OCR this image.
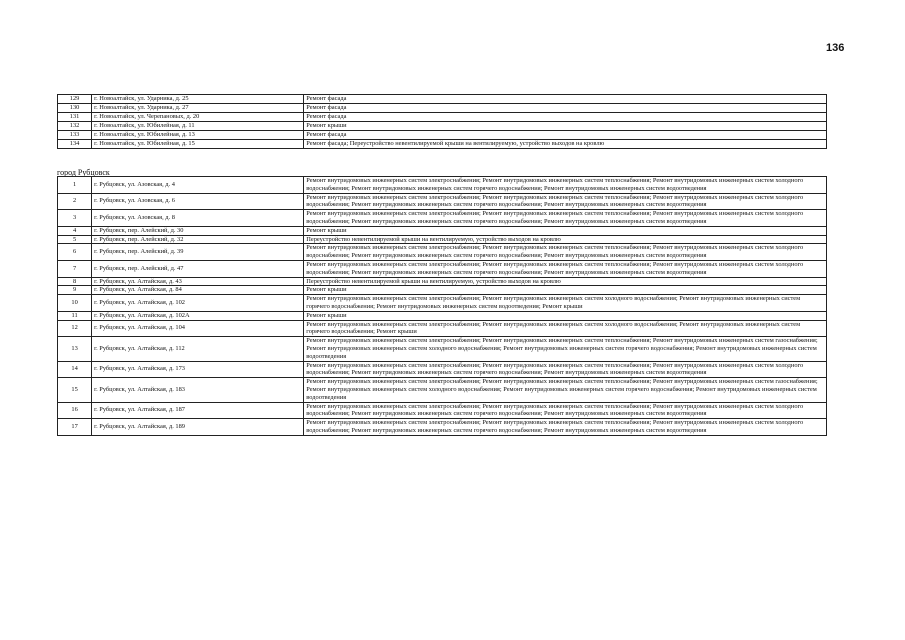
136
129	г. Новоалтайск, ул. Ударника, д. 25	Ремонт фасада
130	г. Новоалтайск, ул. Ударника, д. 27	Ремонт фасада
131	г. Новоалтайск, ул. Черепановых, д. 20	Ремонт фасада
132	г. Новоалтайск, ул. Юбилейная, д. 11	Ремонт крыши
133	г. Новоалтайск, ул. Юбилейная, д. 13	Ремонт фасада
134	г. Новоалтайск, ул. Юбилейная, д. 15	Ремонт фасада; Переустройство невентилируемой крыши на вентилируемую, устройство выходов на кровлю
город Рубцовск
1	г. Рубцовск, ул. Азовская, д. 4	Ремонт внутридомовых инженерных систем электроснабжения; Ремонт внутридомовых инженерных систем теплоснабжения; Ремонт внутридомовых инженерных систем холодного водоснабжения; Ремонт внутридомовых инженерных систем горячего водоснабжения; Ремонт внутридомовых инженерных систем водоотведения
2	г. Рубцовск, ул. Азовская, д. 6	Ремонт внутридомовых инженерных систем электроснабжения; Ремонт внутридомовых инженерных систем теплоснабжения; Ремонт внутридомовых инженерных систем холодного водоснабжения; Ремонт внутридомовых инженерных систем горячего водоснабжения; Ремонт внутридомовых инженерных систем водоотведения
3	г. Рубцовск, ул. Азовская, д. 8	Ремонт внутридомовых инженерных систем электроснабжения; Ремонт внутридомовых инженерных систем теплоснабжения; Ремонт внутридомовых инженерных систем холодного водоснабжения; Ремонт внутридомовых инженерных систем горячего водоснабжения; Ремонт внутридомовых инженерных систем водоотведения
4	г. Рубцовск, пер. Алейский, д. 30	Ремонт крыши
5	г. Рубцовск, пер. Алейский, д. 32	Переустройство невентилируемой крыши на вентилируемую, устройство выходов на кровлю
6	г. Рубцовск, пер. Алейский, д. 39	Ремонт внутридомовых инженерных систем электроснабжения; Ремонт внутридомовых инженерных систем теплоснабжения; Ремонт внутридомовых инженерных систем холодного водоснабжения; Ремонт внутридомовых инженерных систем горячего водоснабжения; Ремонт внутридомовых инженерных систем водоотведения
7	г. Рубцовск, пер. Алейский, д. 47	Ремонт внутридомовых инженерных систем электроснабжения; Ремонт внутридомовых инженерных систем теплоснабжения; Ремонт внутридомовых инженерных систем холодного водоснабжения; Ремонт внутридомовых инженерных систем горячего водоснабжения; Ремонт внутридомовых инженерных систем водоотведения
8	г. Рубцовск, ул. Алтайская, д. 43	Переустройство невентилируемой крыши на вентилируемую, устройство выходов на кровлю
9	г. Рубцовск, ул. Алтайская, д. 84	Ремонт крыши
10	г. Рубцовск, ул. Алтайская, д. 102	Ремонт внутридомовых инженерных систем электроснабжения; Ремонт внутридомовых инженерных систем холодного водоснабжения; Ремонт внутридомовых инженерных систем горячего водоснабжения; Ремонт внутридомовых инженерных систем водоотведения; Ремонт крыши
11	г. Рубцовск, ул. Алтайская, д. 102А	Ремонт крыши
12	г. Рубцовск, ул. Алтайская, д. 104	Ремонт внутридомовых инженерных систем электроснабжения; Ремонт внутридомовых инженерных систем холодного водоснабжения; Ремонт внутридомовых инженерных систем горячего водоснабжения; Ремонт крыши
13	г. Рубцовск, ул. Алтайская, д. 112	Ремонт внутридомовых инженерных систем электроснабжения; Ремонт внутридомовых инженерных систем теплоснабжения; Ремонт внутридомовых инженерных систем газоснабжения; Ремонт внутридомовых инженерных систем холодного водоснабжения; Ремонт внутридомовых инженерных систем горячего водоснабжения; Ремонт внутридомовых инженерных систем водоотведения
14	г. Рубцовск, ул. Алтайская, д. 173	Ремонт внутридомовых инженерных систем электроснабжения; Ремонт внутридомовых инженерных систем теплоснабжения; Ремонт внутридомовых инженерных систем холодного водоснабжения; Ремонт внутридомовых инженерных систем горячего водоснабжения; Ремонт внутридомовых инженерных систем водоотведения
15	г. Рубцовск, ул. Алтайская, д. 183	Ремонт внутридомовых инженерных систем электроснабжения; Ремонт внутридомовых инженерных систем теплоснабжения; Ремонт внутридомовых инженерных систем газоснабжения; Ремонт внутридомовых инженерных систем холодного водоснабжения; Ремонт внутридомовых инженерных систем горячего водоснабжения; Ремонт внутридомовых инженерных систем водоотведения
16	г. Рубцовск, ул. Алтайская, д. 187	Ремонт внутридомовых инженерных систем электроснабжения; Ремонт внутридомовых инженерных систем теплоснабжения; Ремонт внутридомовых инженерных систем холодного водоснабжения; Ремонт внутридомовых инженерных систем горячего водоснабжения; Ремонт внутридомовых инженерных систем водоотведения
17	г. Рубцовск, ул. Алтайская, д. 189	Ремонт внутридомовых инженерных систем электроснабжения; Ремонт внутридомовых инженерных систем теплоснабжения; Ремонт внутридомовых инженерных систем холодного водоснабжения; Ремонт внутридомовых инженерных систем горячего водоснабжения; Ремонт внутридомовых инженерных систем водоотведения
